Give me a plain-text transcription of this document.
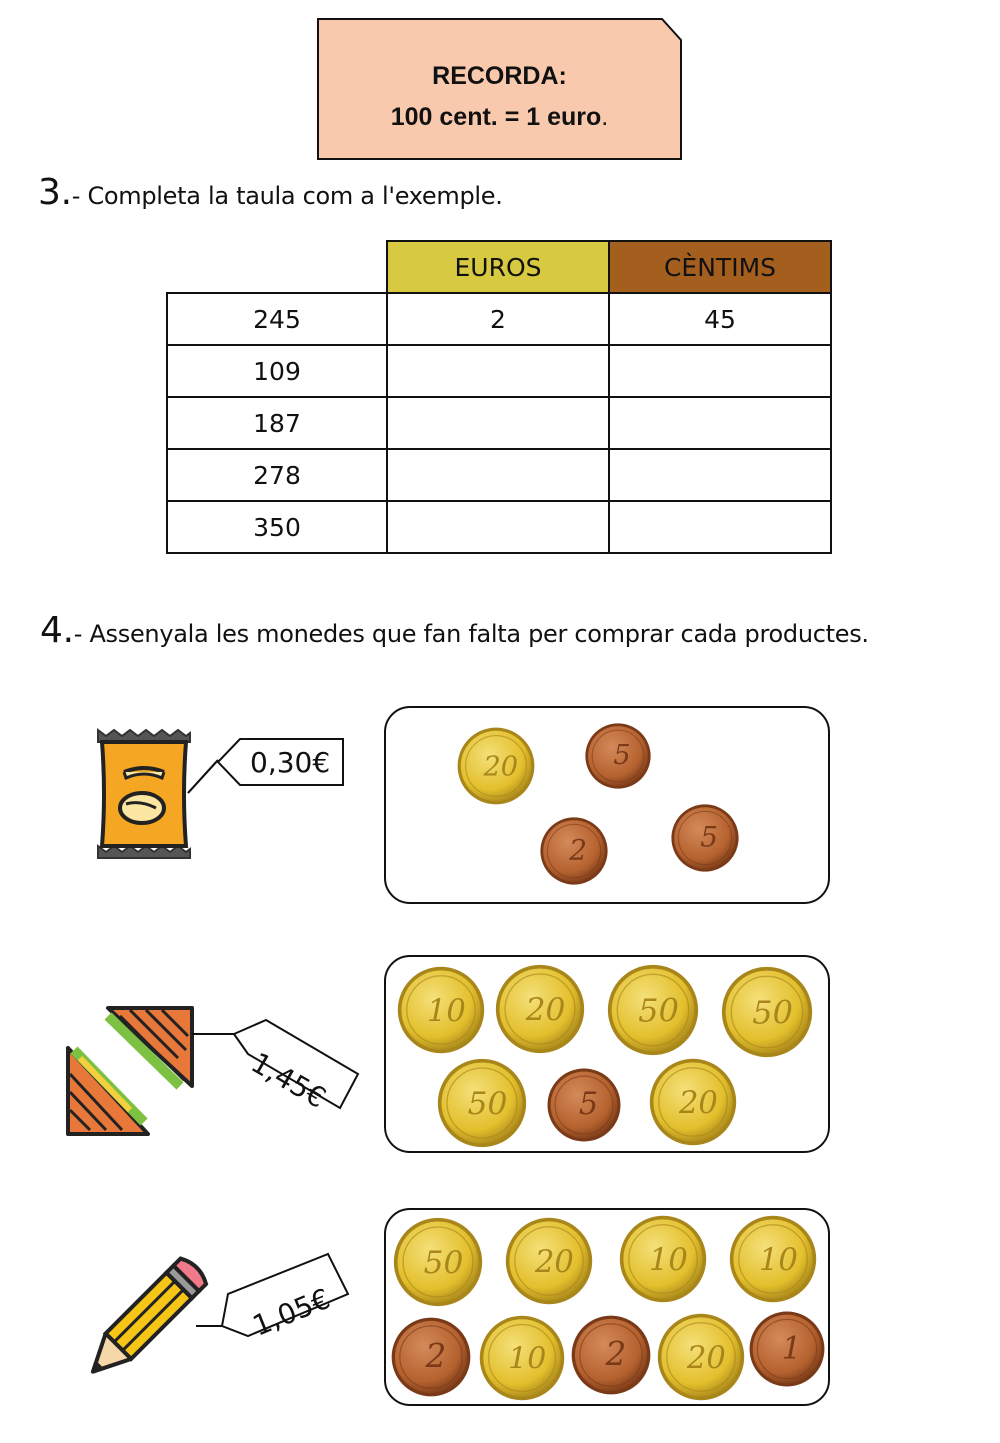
RECORDA:
100 cent. = 1 euro.
3.- Completa la taula com a l'exemple.
	EUROS	CÈNTIMS
245	2	45
109		
187		
278		
350		
4.- Assenyala les monedes que fan falta per comprar cada productes.
0,30€	20 5
2	5
1,45€
10 20 50 50
50 5 20
1,05€
50 20 10 10
2 10 2 20 1
